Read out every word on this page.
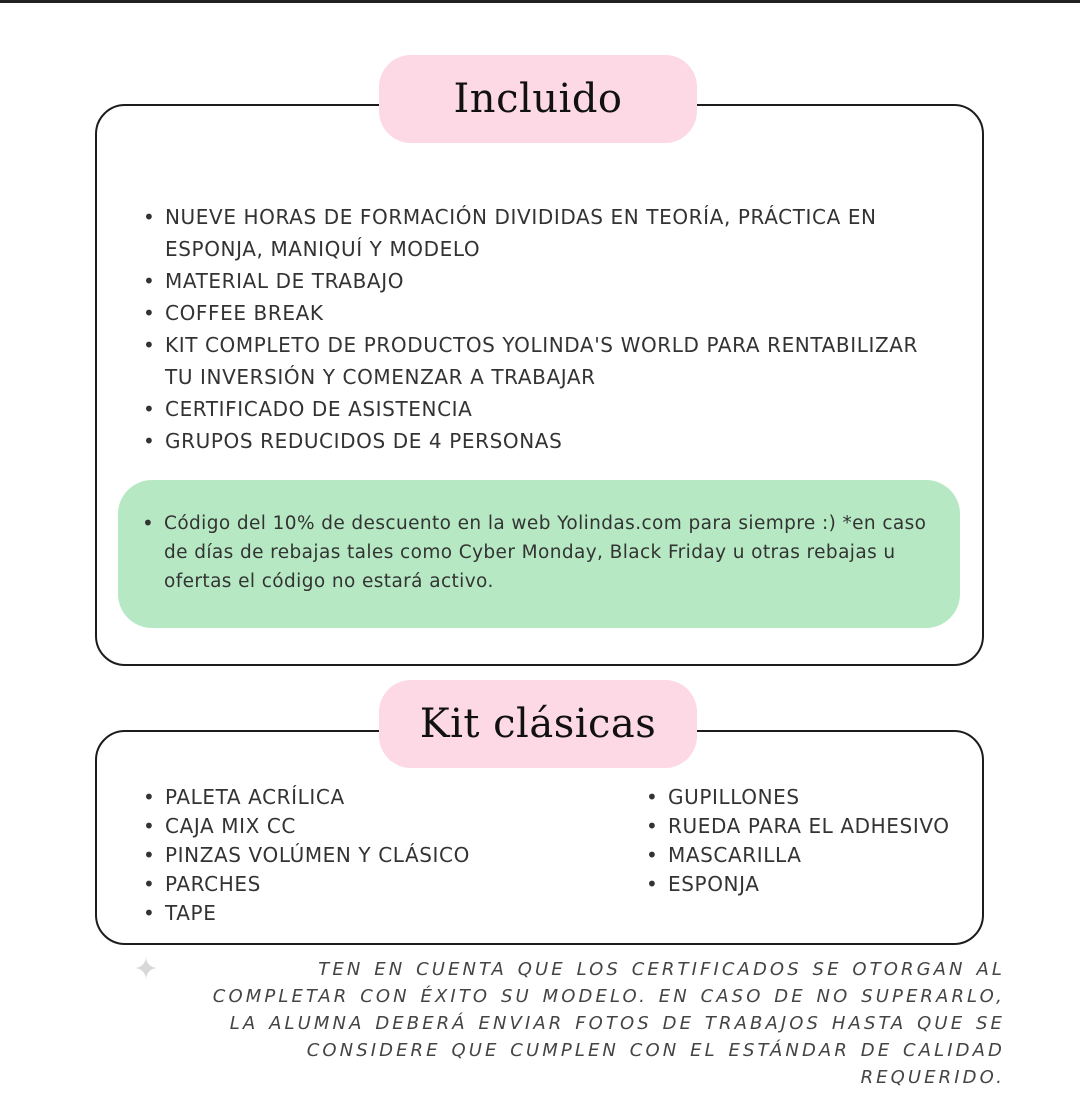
Incluido
• NUEVE HORAS DE FORMACIÓN DIVIDIDAS EN TEORÍA, PRÁCTICA EN ESPONJA, MANIQUÍ Y MODELO
• MATERIAL DE TRABAJO
• COFFEE BREAK
• KIT COMPLETO DE PRODUCTOS YOLINDA'S WORLD PARA RENTABILIZAR TU INVERSIÓN Y COMENZAR A TRABAJAR
• CERTIFICADO DE ASISTENCIA
• GRUPOS REDUCIDOS DE 4 PERSONAS
• Código del 10% de descuento en la web Yolindas.com para siempre :) *en caso de días de rebajas tales como Cyber Monday, Black Friday u otras rebajas u ofertas el código no estará activo.
Kit clásicas
• PALETA ACRÍLICA
• CAJA MIX CC
• PINZAS VOLÚMEN Y CLÁSICO
• PARCHES
• TAPE
• GUPILLONES
• RUEDA PARA EL ADHESIVO
• MASCARILLA
• ESPONJA
✦	TEN EN CUENTA QUE LOS CERTIFICADOS SE OTORGAN AL COMPLETAR CON ÉXITO SU MODELO. EN CASO DE NO SUPERARLO, LA ALUMNA DEBERÁ ENVIAR FOTOS DE TRABAJOS HASTA QUE SE CONSIDERE QUE CUMPLEN CON EL ESTÁNDAR DE CALIDAD REQUERIDO.
